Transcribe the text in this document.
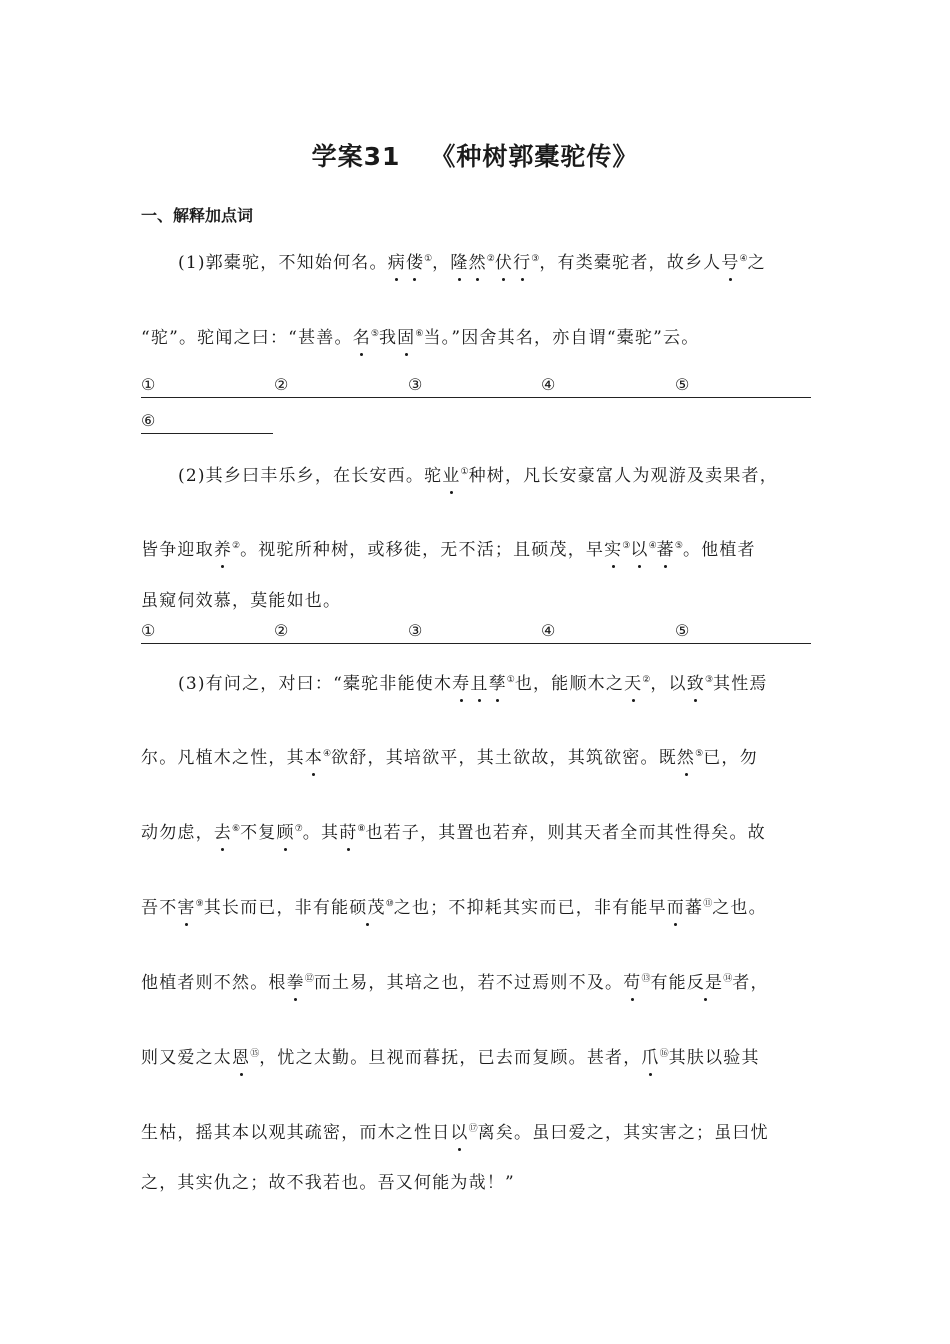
学案31 《种树郭橐驼传》
一、解释加点词
(1)郭橐驼，不知始何名。病偻①，隆然②伏行③，有类橐驼者，故乡人号④之
“驼”。驼闻之曰：“甚善。名⑤我固⑥当。”因舍其名，亦自谓“橐驼”云。
①	②	③	④	⑤
⑥
(2)其乡曰丰乐乡，在长安西。驼业①种树，凡长安豪富人为观游及卖果者，
皆争迎取养②。视驼所种树，或移徙，无不活；且硕茂，早实③以④蕃⑤。他植者
虽窥伺效慕，莫能如也。
①	②	③	④	⑤
(3)有问之，对曰：“橐驼非能使木寿且孳①也，能顺木之天②，以致③其性焉
尔。凡植木之性，其本④欲舒，其培欲平，其土欲故，其筑欲密。既然⑤已，勿
动勿虑，去⑥不复顾⑦。其莳⑧也若子，其置也若弃，则其天者全而其性得矣。故
吾不害⑨其长而已，非有能硕茂⑩之也；不抑耗其实而已，非有能早而蕃⑪之也。
他植者则不然。根拳⑫而土易，其培之也，若不过焉则不及。苟⑬有能反是⑭者，
则又爱之太恩⑮，忧之太勤。旦视而暮抚，已去而复顾。甚者，爪⑯其肤以验其
生枯，摇其本以观其疏密，而木之性日以⑰离矣。虽曰爱之，其实害之；虽曰忧
之，其实仇之；故不我若也。吾又何能为哉！”
